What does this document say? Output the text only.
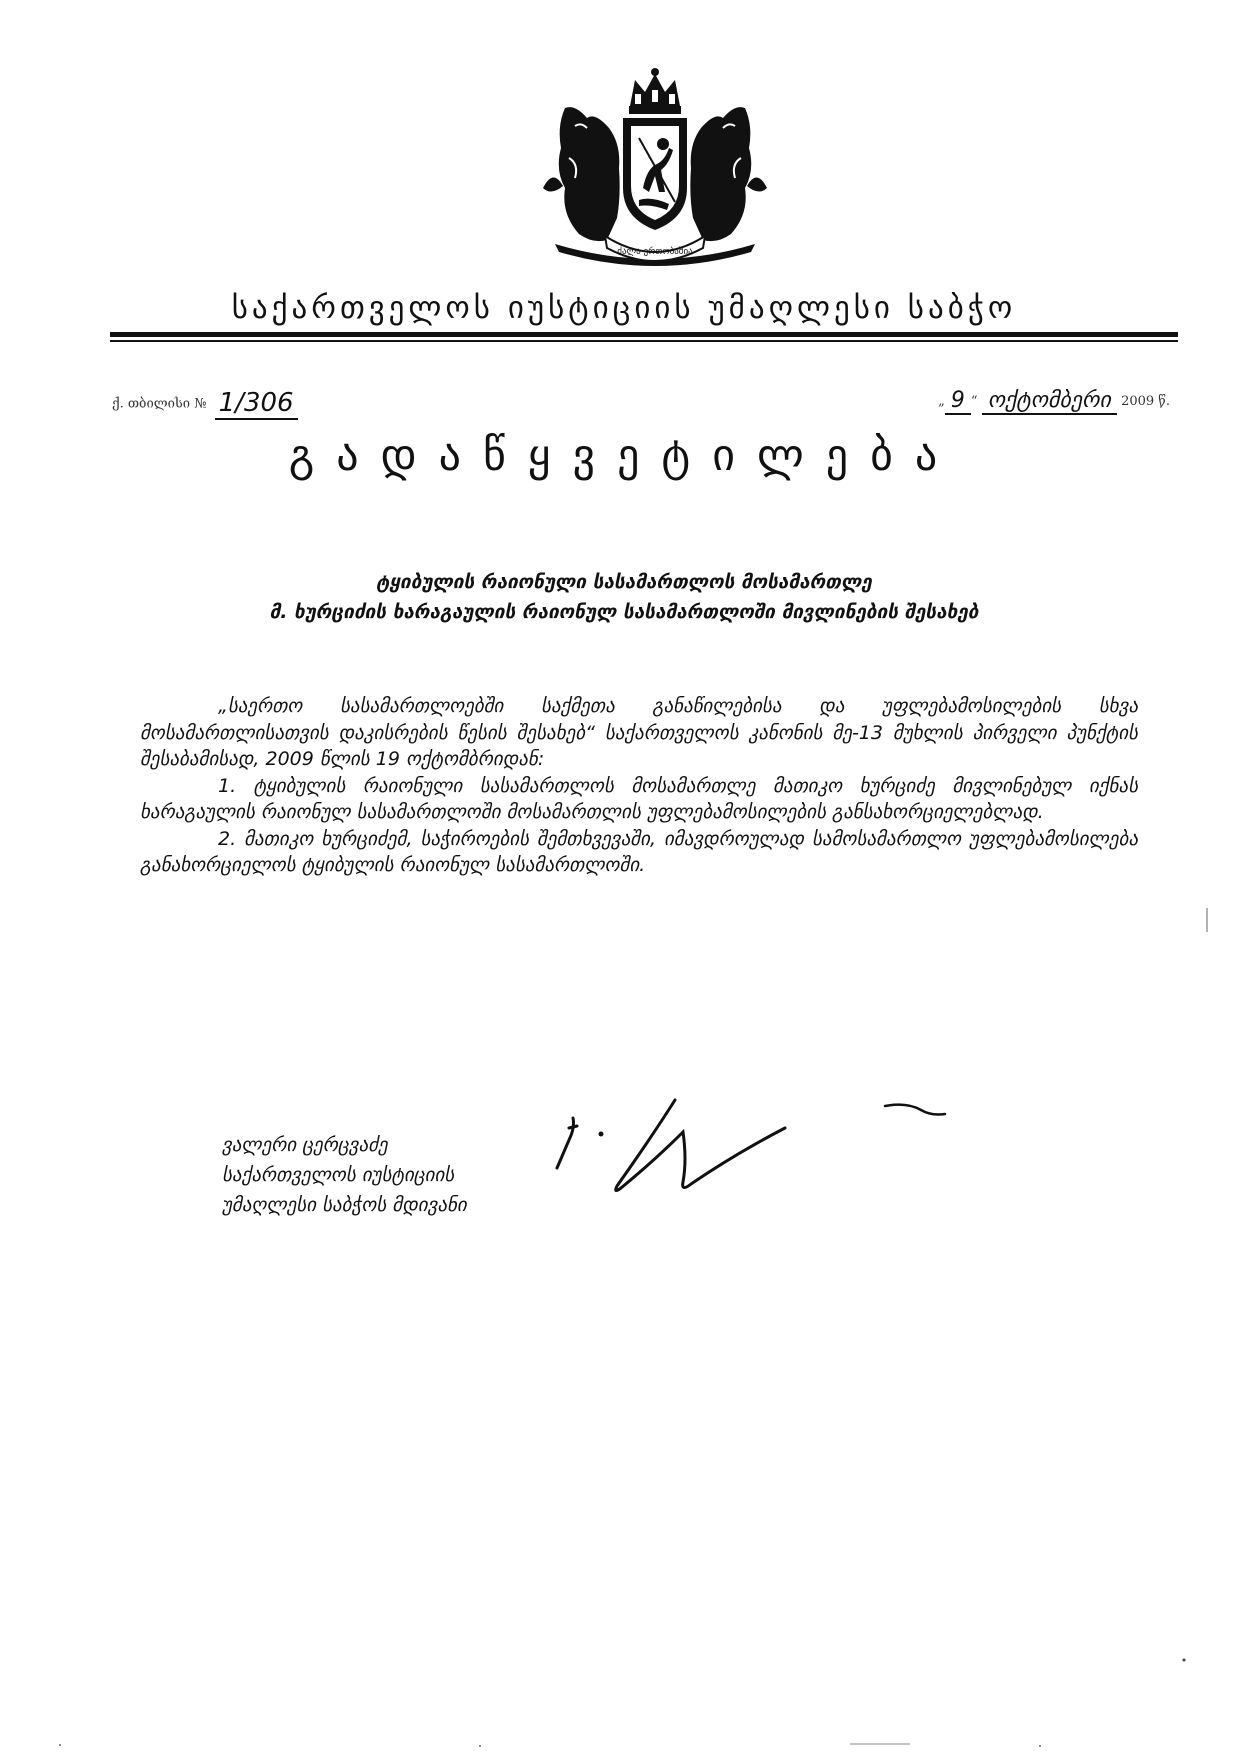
ძალა ერთობაშია
საქართველოს იუსტიციის უმაღლესი საბჭო
ქ. თბილისი № 1/306	„ 9 “ ოქტომბერი 2009 წ.
გადაწყვეტილება
ტყიბულის რაიონული სასამართლოს მოსამართლე
მ. ხურციძის ხარაგაულის რაიონულ სასამართლოში მივლინების შესახებ

„საერთო სასამართლოებში საქმეთა განაწილებისა და უფლებამოსილების სხვა მოსამართლისათვის დაკისრების წესის შესახებ“ საქართველოს კანონის მე-13 მუხლის პირველი პუნქტის შესაბამისად, 2009 წლის 19 ოქტომბრიდან:

1. ტყიბულის რაიონული სასამართლოს მოსამართლე მათიკო ხურციძე მივლინებულ იქნას ხარაგაულის რაიონულ სასამართლოში მოსამართლის უფლებამოსილების განსახორციელებლად.

2. მათიკო ხურციძემ, საჭიროების შემთხვევაში, იმავდროულად სამოსამართლო უფლებამოსილება განახორციელოს ტყიბულის რაიონულ სასამართლოში.

ვალერი ცერცვაძე
საქართველოს იუსტიციის
უმაღლესი საბჭოს მდივანი
